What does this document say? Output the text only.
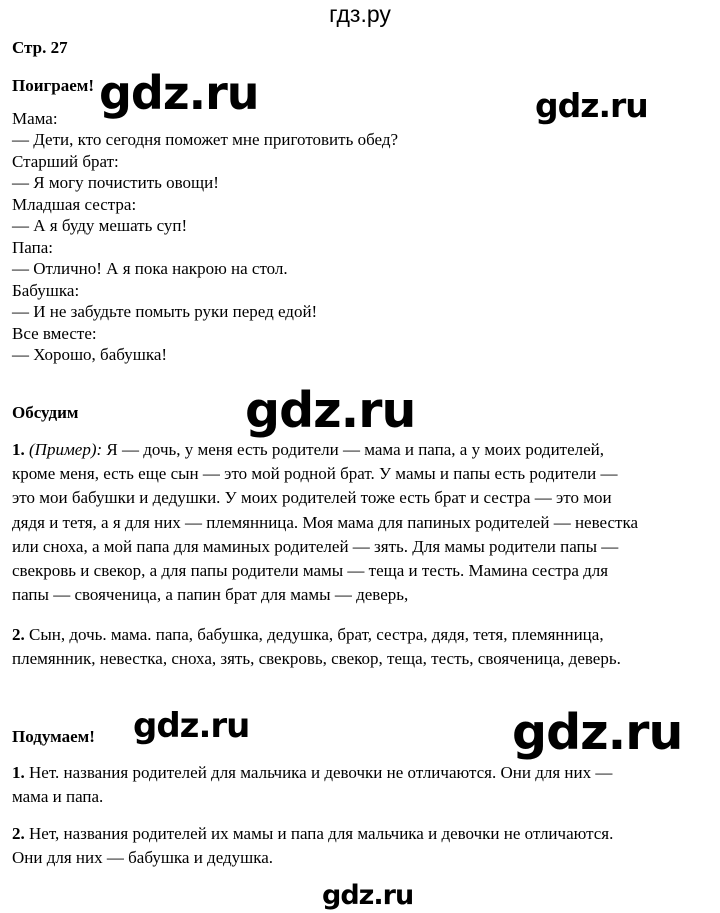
гдз.ру
gdz.ru	gdz.ru
gdz.ru
gdz.ru	gdz.ru
gdz.ru
Стр. 27
Поиграем!
Мама:
— Дети, кто сегодня поможет мне приготовить обед?
Старший брат:
— Я могу почистить овощи!
Младшая сестра:
— А я буду мешать суп!
Папа:
— Отлично! А я пока накрою на стол.
Бабушка:
— И не забудьте помыть руки перед едой!
Все вместе:
— Хорошо, бабушка!
Обсудим
1. (Пример): Я — дочь, у меня есть родители — мама и папа, а у моих родителей,
кроме меня, есть еще сын — это мой родной брат. У мамы и папы есть родители —
это мои бабушки и дедушки. У моих родителей тоже есть брат и сестра — это мои
дядя и тетя, а я для них — племянница. Моя мама для папиных родителей — невестка
или сноха, а мой папа для маминых родителей — зять. Для мамы родители папы —
свекровь и свекор, а для папы родители мамы — теща и тесть. Мамина сестра для
папы — свояченица, а папин брат для мамы — деверь,
2. Сын, дочь. мама. папа, бабушка, дедушка, брат, сестра, дядя, тетя, племянница,
племянник, невестка, сноха, зять, свекровь, свекор, теща, тесть, свояченица, деверь.
Подумаем!
1. Нет. названия родителей для мальчика и девочки не отличаются. Они для них —
мама и папа.
2. Нет, названия родителей их мамы и папа для мальчика и девочки не отличаются.
Они для них — бабушка и дедушка.
